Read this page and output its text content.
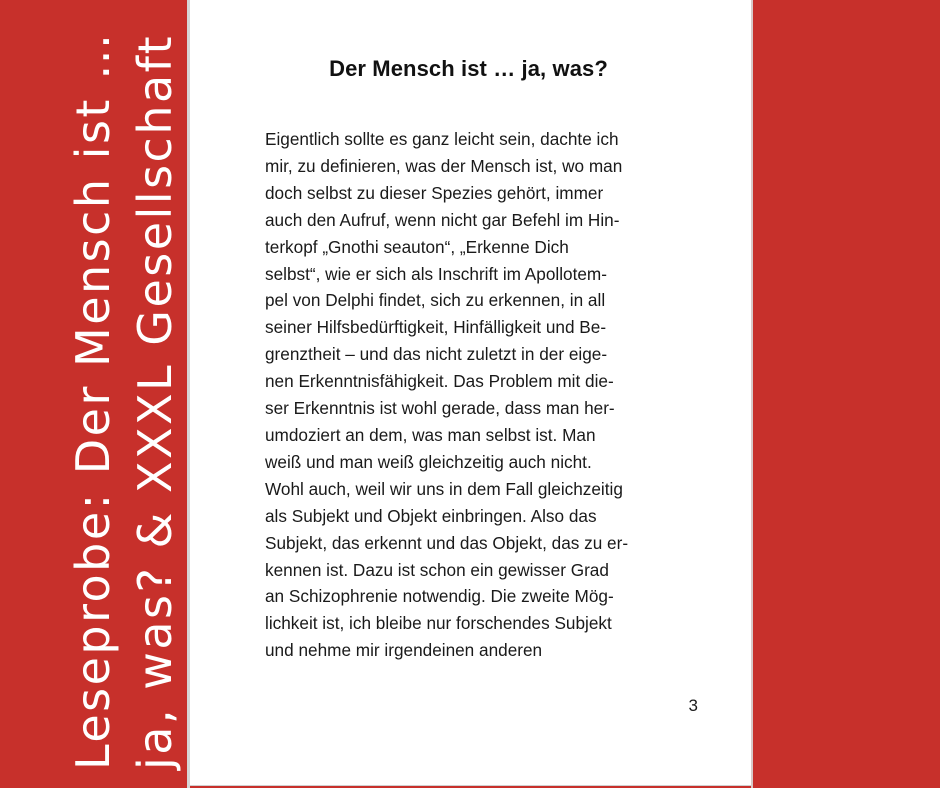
Leseprobe: Der Mensch ist … ja, was? & XXXL Gesellschaft	Der Mensch ist … ja, was?
Eigentlich sollte es ganz leicht sein, dachte ich
mir, zu definieren, was der Mensch ist, wo man
doch selbst zu dieser Spezies gehört, immer
auch den Aufruf, wenn nicht gar Befehl im Hin-
terkopf „Gnothi seauton“, „Erkenne Dich
selbst“, wie er sich als Inschrift im Apollotem-
pel von Delphi findet, sich zu erkennen, in all
seiner Hilfsbedürftigkeit, Hinfälligkeit und Be-
grenztheit – und das nicht zuletzt in der eige-
nen Erkenntnisfähigkeit. Das Problem mit die-
ser Erkenntnis ist wohl gerade, dass man her-
umdoziert an dem, was man selbst ist. Man
weiß und man weiß gleichzeitig auch nicht.
Wohl auch, weil wir uns in dem Fall gleichzeitig
als Subjekt und Objekt einbringen. Also das
Subjekt, das erkennt und das Objekt, das zu er-
kennen ist. Dazu ist schon ein gewisser Grad
an Schizophrenie notwendig. Die zweite Mög-
lichkeit ist, ich bleibe nur forschendes Subjekt
und nehme mir irgendeinen anderen
3
